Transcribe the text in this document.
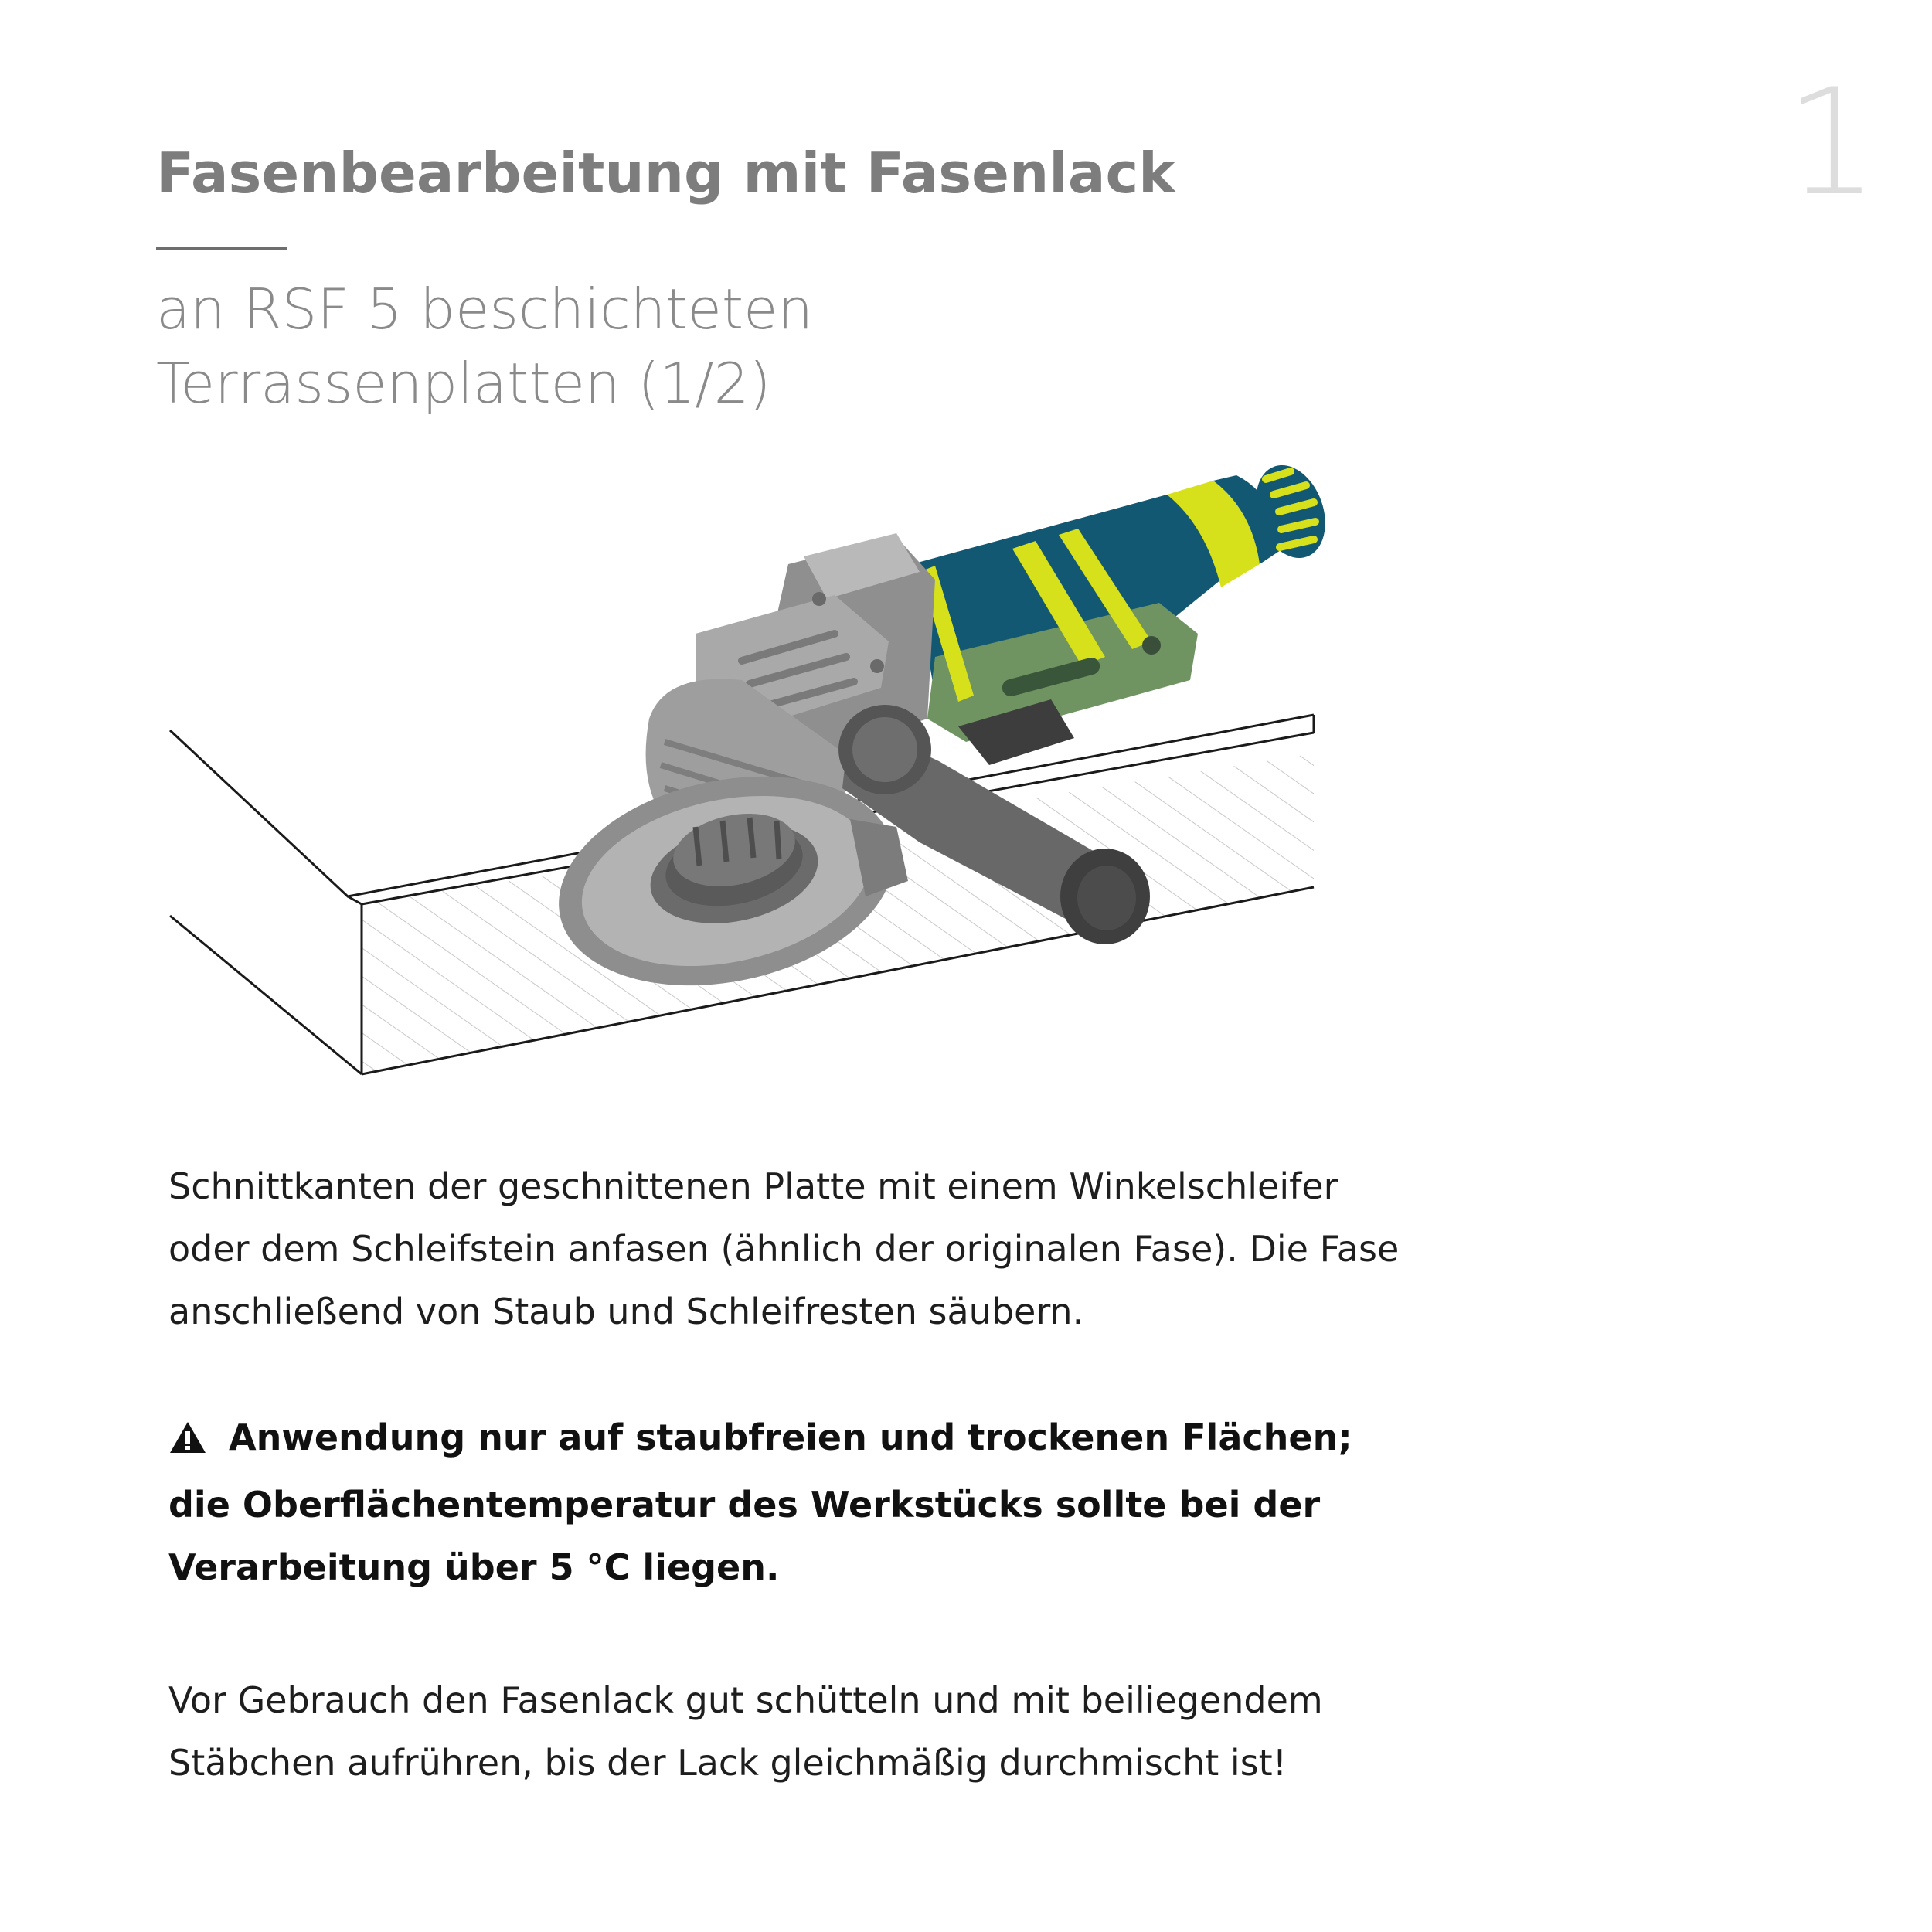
Fasenbearbeitung mit Fasenlack
an RSF 5 beschichteten
Terrassenplatten (1/2)
1
Schnittkanten der geschnittenen Platte mit einem Winkelschleifer
oder dem Schleifstein anfasen (ähnlich der originalen Fase). Die Fase
anschließend von Staub und Schleifresten säubern.
Anwendung nur auf staubfreien und trockenen Flächen;
die Oberflächentemperatur des Werkstücks sollte bei der
Verarbeitung über 5 °C liegen.
Vor Gebrauch den Fasenlack gut schütteln und mit beiliegendem
Stäbchen aufrühren, bis der Lack gleichmäßig durchmischt ist!
